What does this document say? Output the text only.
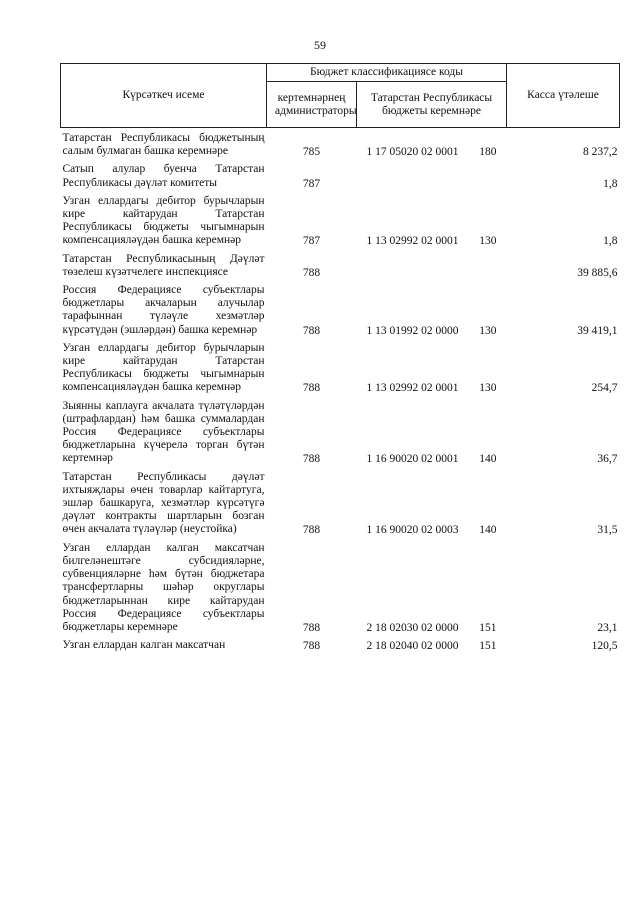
59
Күрсәткеч исеме	Бюджет классификациясе коды		Касса үтәлеше
	кертемнәрнең администраторы	Татарстан Республикасы бюджеты керемнәре	
Татарстан Республикасы бюджетының салым булмаган башка керемнәре	785	1 17 05020 02 0001 180	8 237,2
Сатып алулар буенча Татарстан Республикасы дәүләт комитеты	787		1,8
Узган еллардагы дебитор бурычларын кире кайтарудан Татарстан Республикасы бюджеты чыгымнарын компенсацияләүдән башка керемнәр	787	1 13 02992 02 0001 130	1,8
Татарстан Республикасының Дәүләт төзелеш күзәтчелеге инспекциясе	788		39 885,6
Россия Федерациясе субъектлары бюджетлары акчаларын алучылар тарафыннан түләүле хезмәтләр күрсәтүдән (эшләрдән) башка керемнәр	788	1 13 01992 02 0000 130	39 419,1
Узган еллардагы дебитор бурычларын кире кайтарудан Татарстан Республикасы бюджеты чыгымнарын компенсацияләүдән башка керемнәр	788	1 13 02992 02 0001 130	254,7
Зыянны каплауга акчалата түләтүләрдән (штрафлардан) һәм башка суммалардан Россия Федерациясе субъектлары бюджетларына күчерелә торган бүтән кертемнәр	788	1 16 90020 02 0001 140	36,7
Татарстан Республикасы дәүләт ихтыяҗлары өчен товарлар кайтартуга, эшләр башкаруга, хезмәтләр күрсәтүгә дәүләт контракты шартларын бозган өчен акчалата түләүләр (неустойка)	788	1 16 90020 02 0003 140	31,5
Узган еллардан калган максатчан билгеләнештәге субсидияләрне, субвенцияләрне һәм бүтән бюджетара трансфертларны шәһәр округлары бюджетларыннан кире кайтарудан Россия Федерациясе субъектлары бюджетлары керемнәре	788	2 18 02030 02 0000 151	23,1
Узган еллардан калган максатчан	788	2 18 02040 02 0000 151	120,5
